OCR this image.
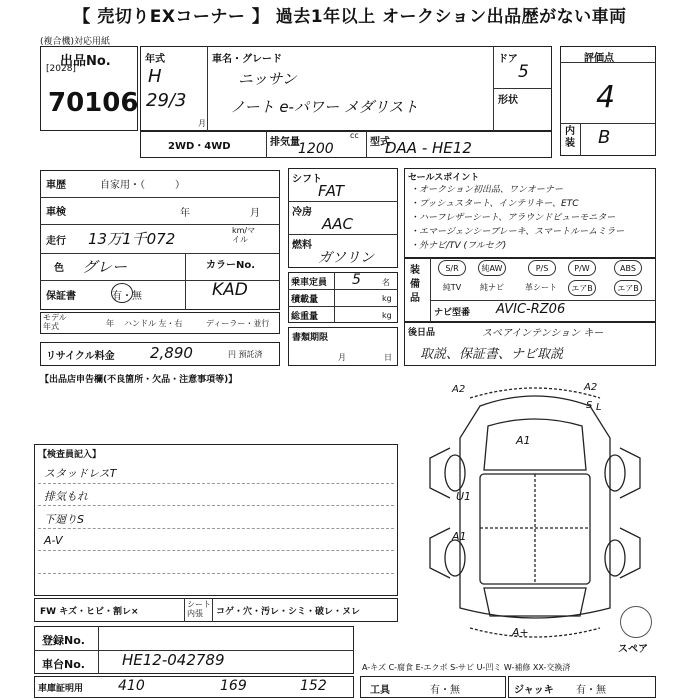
【 売切りEXコーナー 】 過去1年以上 オークション出品歴がない車両
(複合機)対応用紙
出品No.
[2028]
70106
年式
H
29/3
月
車名・グレード
ニッサン
ノート e-パワー メダリスト
ドア
5
形状
評価点
4
内装 B
2WD・4WD	排気量
cc
1200	型式
DAA - HE12
車歴	自家用・（　　　）
車検	年	月
走行 13万1千072	km/マイル
色 グレー
保証書	有・無
カラーNo.
KAD
モデル年式	年 ハンドル 左・右	ディーラー・並行
リサイクル料金 2,890	円 預託済
シフト
FAT
冷房
AAC
燃料
ガソリン
乗車定員 5	名
積載量	kg
総重量	kg
書類期限
月	日
セールスポイント
・オークション初出品、ワンオーナー
・プッシュスタート、インテリキー、ETC
・ハーフレザーシート、アラウンドビューモニター
・エマージェンシーブレーキ、スマートルームミラー
・外ナビ/TV (フルセグ)
装備品
S/R	純AW	P/S	P/W	ABS
純TV	純ナビ	革シート	エアB	エアB
ナビ型番 AVIC-RZ06
後日品	スペアインテンション キー
取説、保証書、ナビ取説
【出品店申告欄(不良箇所・欠品・注意事項等)】
【検査員記入】
スタッドレスT
排気もれ
下廻りS
A-V
FW キズ・ヒビ・割レ×
シート内張	コゲ・穴・汚レ・シミ・破レ・ヌレ
登録No.
車台No. HE12-042789
車庫証明用 410	169	152
A-キズ C-腐食 E-エクボ S-サビ U-凹ミ W-補修 XX-交換済
工具	有・無	ジャッキ 有・無
A2	A2
S L
A1
U1
A1
A+
スペア
